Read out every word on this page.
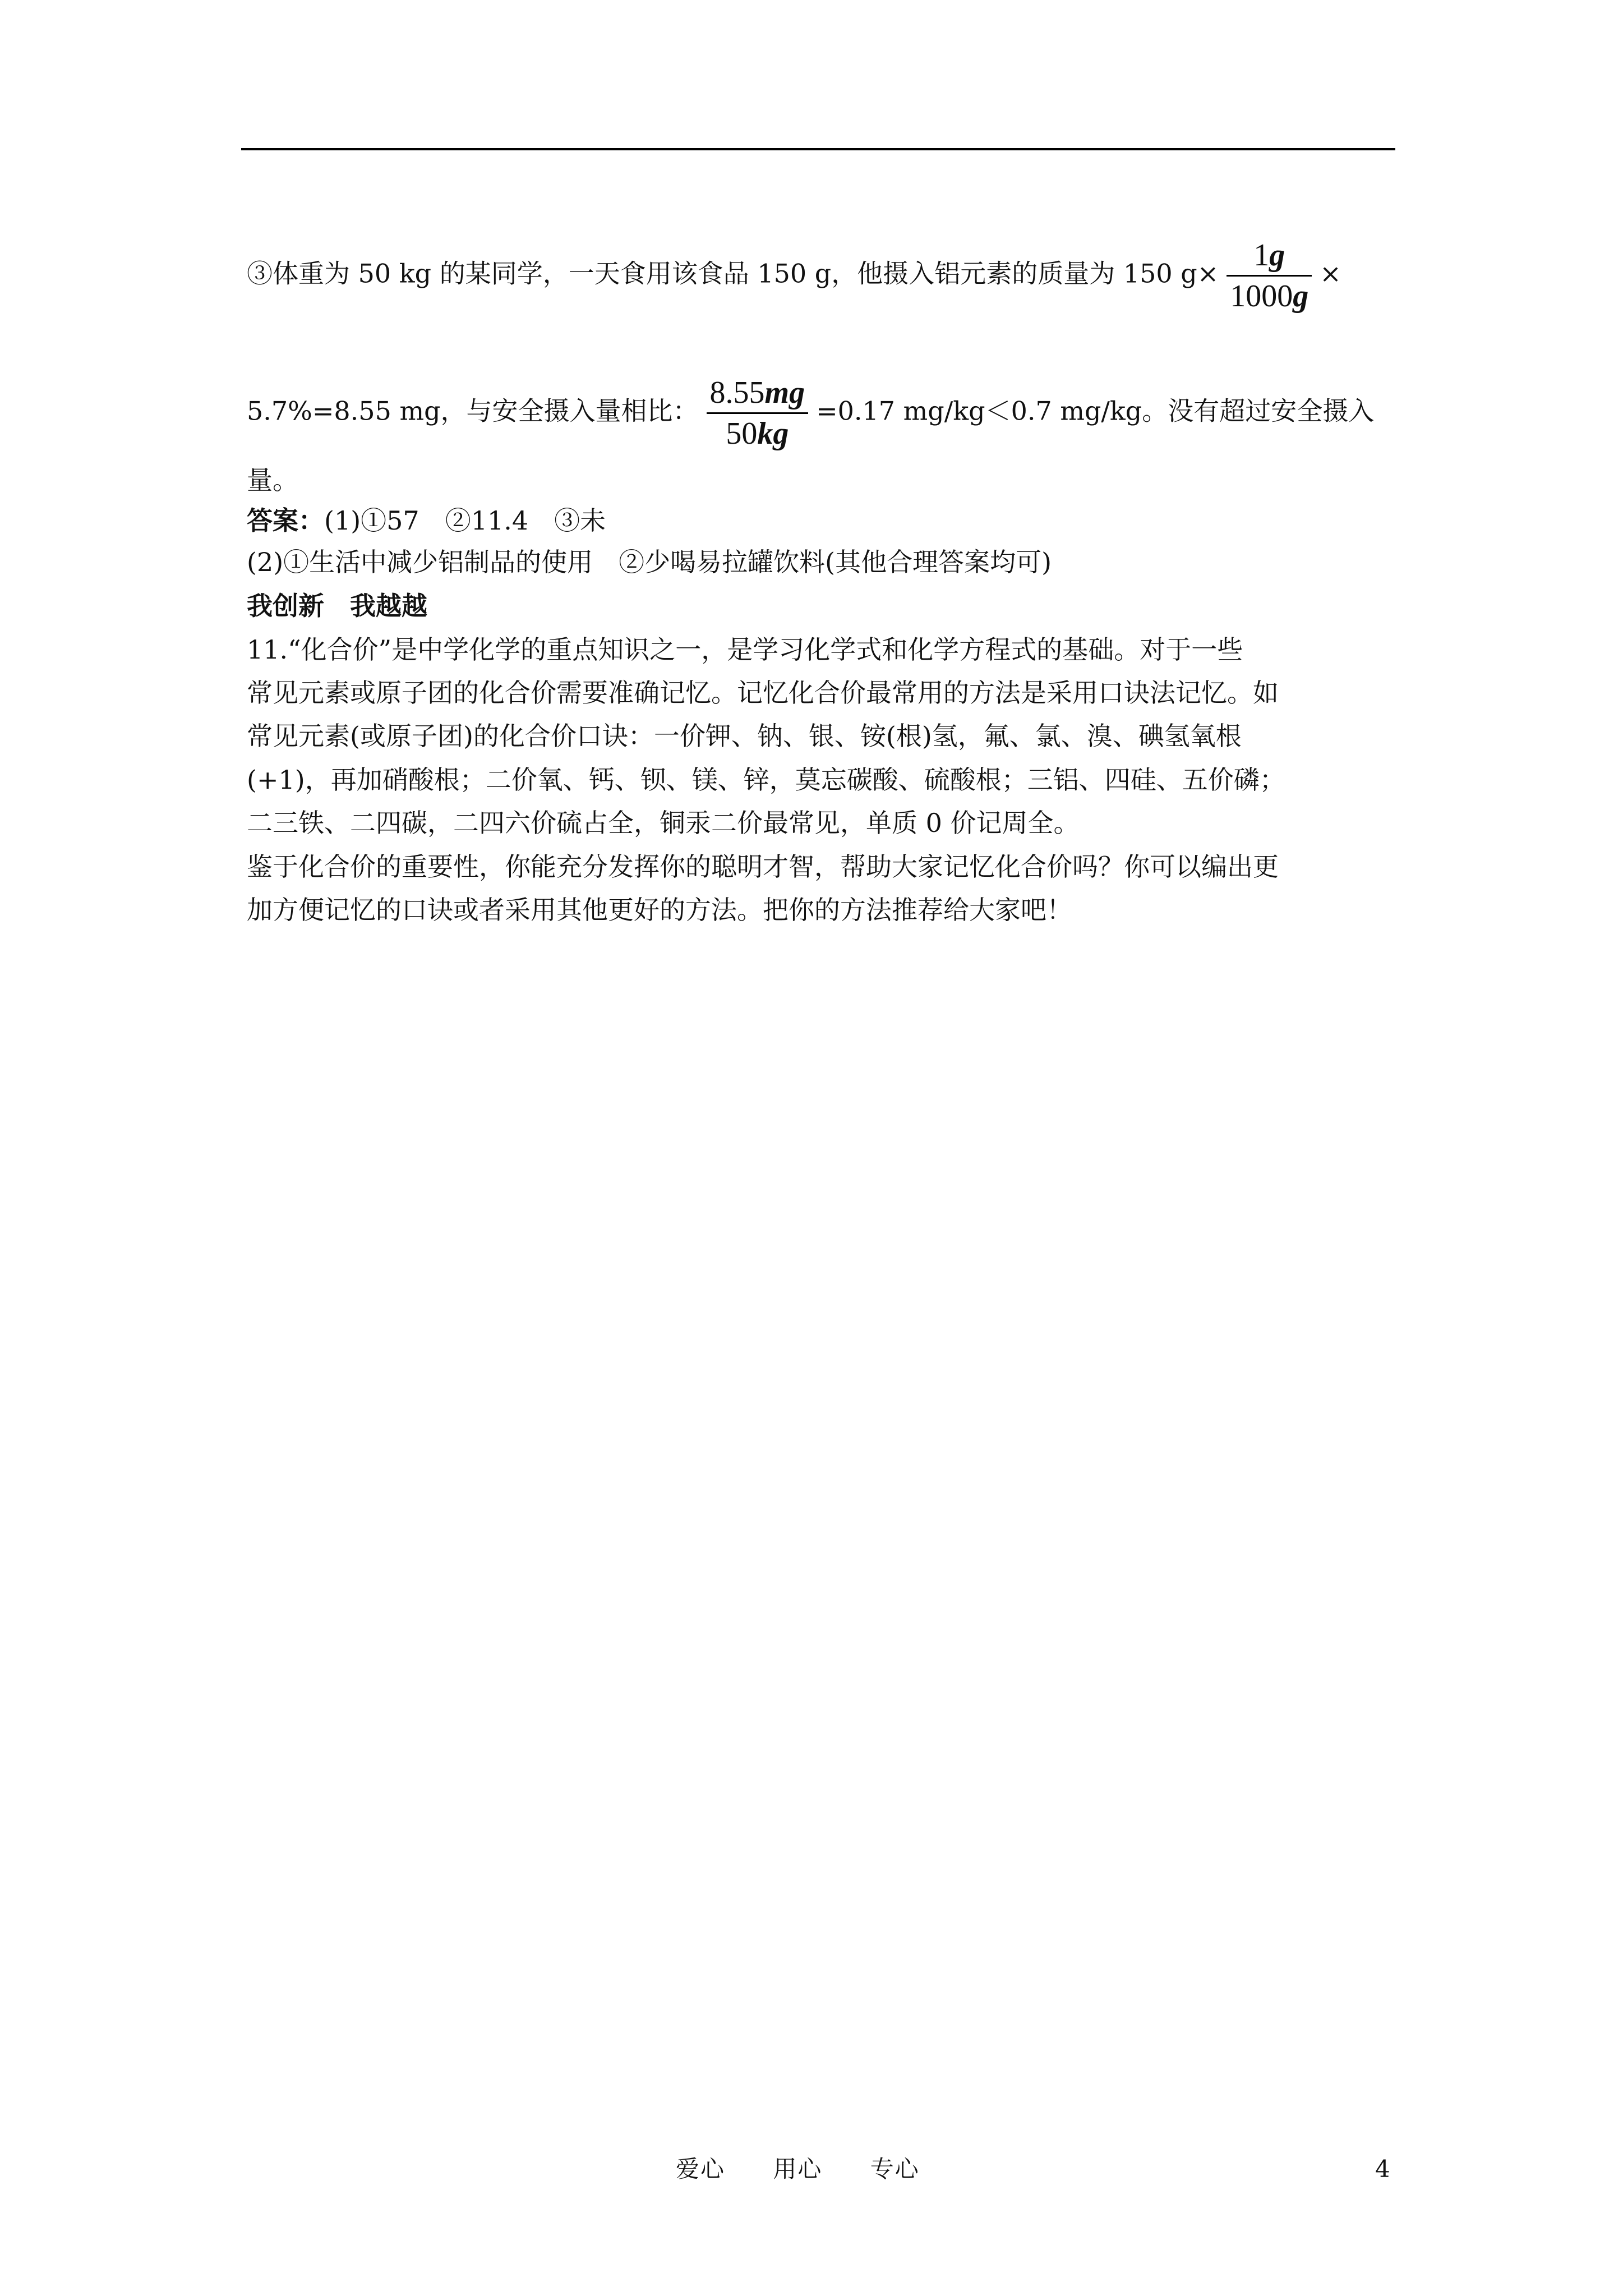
③体重为 50 kg 的某同学，一天食用该食品 150 g，他摄入铝元素的质量为 150 $g\times \frac{1g}{1000g}$ ×
5.7%=8.55 mg，与安全摄入量相比： $\frac{8.55mg}{50kg} =0.17$ mg/kg＜0.7 mg/kg。没有超过安全摄入
量。
答案：(1)①57　②11.4　③未
(2)①生活中减少铝制品的使用　②少喝易拉罐饮料(其他合理答案均可)
我创新　我越越
11.“化合价”是中学化学的重点知识之一，是学习化学式和化学方程式的基础。对于一些
常见元素或原子团的化合价需要准确记忆。记忆化合价最常用的方法是采用口诀法记忆。如
常见元素(或原子团)的化合价口诀：一价钾、钠、银、铵(根)氢，氟、氯、溴、碘氢氧根
(+1)，再加硝酸根；二价氧、钙、钡、镁、锌，莫忘碳酸、硫酸根；三铝、四硅、五价磷；
二三铁、二四碳，二四六价硫占全，铜汞二价最常见，单质 0 价记周全。
鉴于化合价的重要性，你能充分发挥你的聪明才智，帮助大家记忆化合价吗？你可以编出更
加方便记忆的口诀或者采用其他更好的方法。把你的方法推荐给大家吧！
爱心 用心 专心	4
